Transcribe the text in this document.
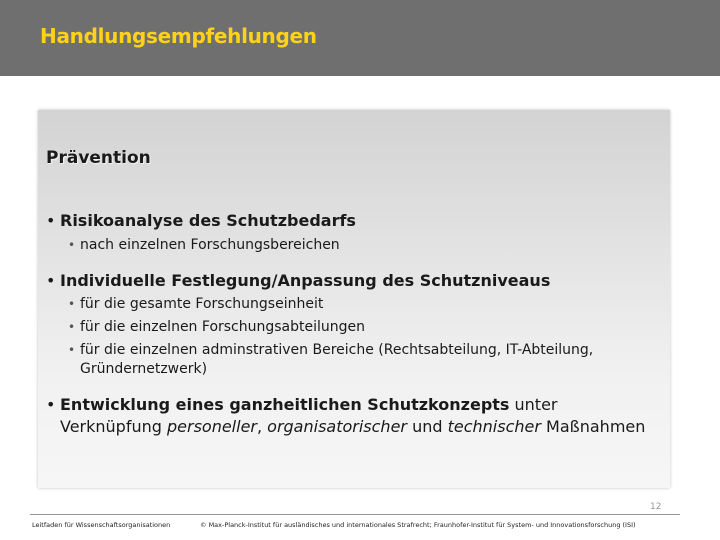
Handlungsempfehlungen
Prävention
• Risikoanalyse des Schutzbedarfs
• nach einzelnen Forschungsbereichen
• Individuelle Festlegung/Anpassung des Schutzniveaus
• für die gesamte Forschungseinheit
• für die einzelnen Forschungsabteilungen
• für die einzelnen adminstrativen Bereiche (Rechtsabteilung, IT-Abteilung, Gründernetzwerk)
• Entwicklung eines ganzheitlichen Schutzkonzepts unter Verknüpfung personeller, organisatorischer und technischer Maßnahmen
12
Leitfaden für Wissenschaftsorganisationen	© Max-Planck-Institut für ausländisches und internationales Strafrecht; Fraunhofer-Institut für System- und Innovationsforschung (ISI)
